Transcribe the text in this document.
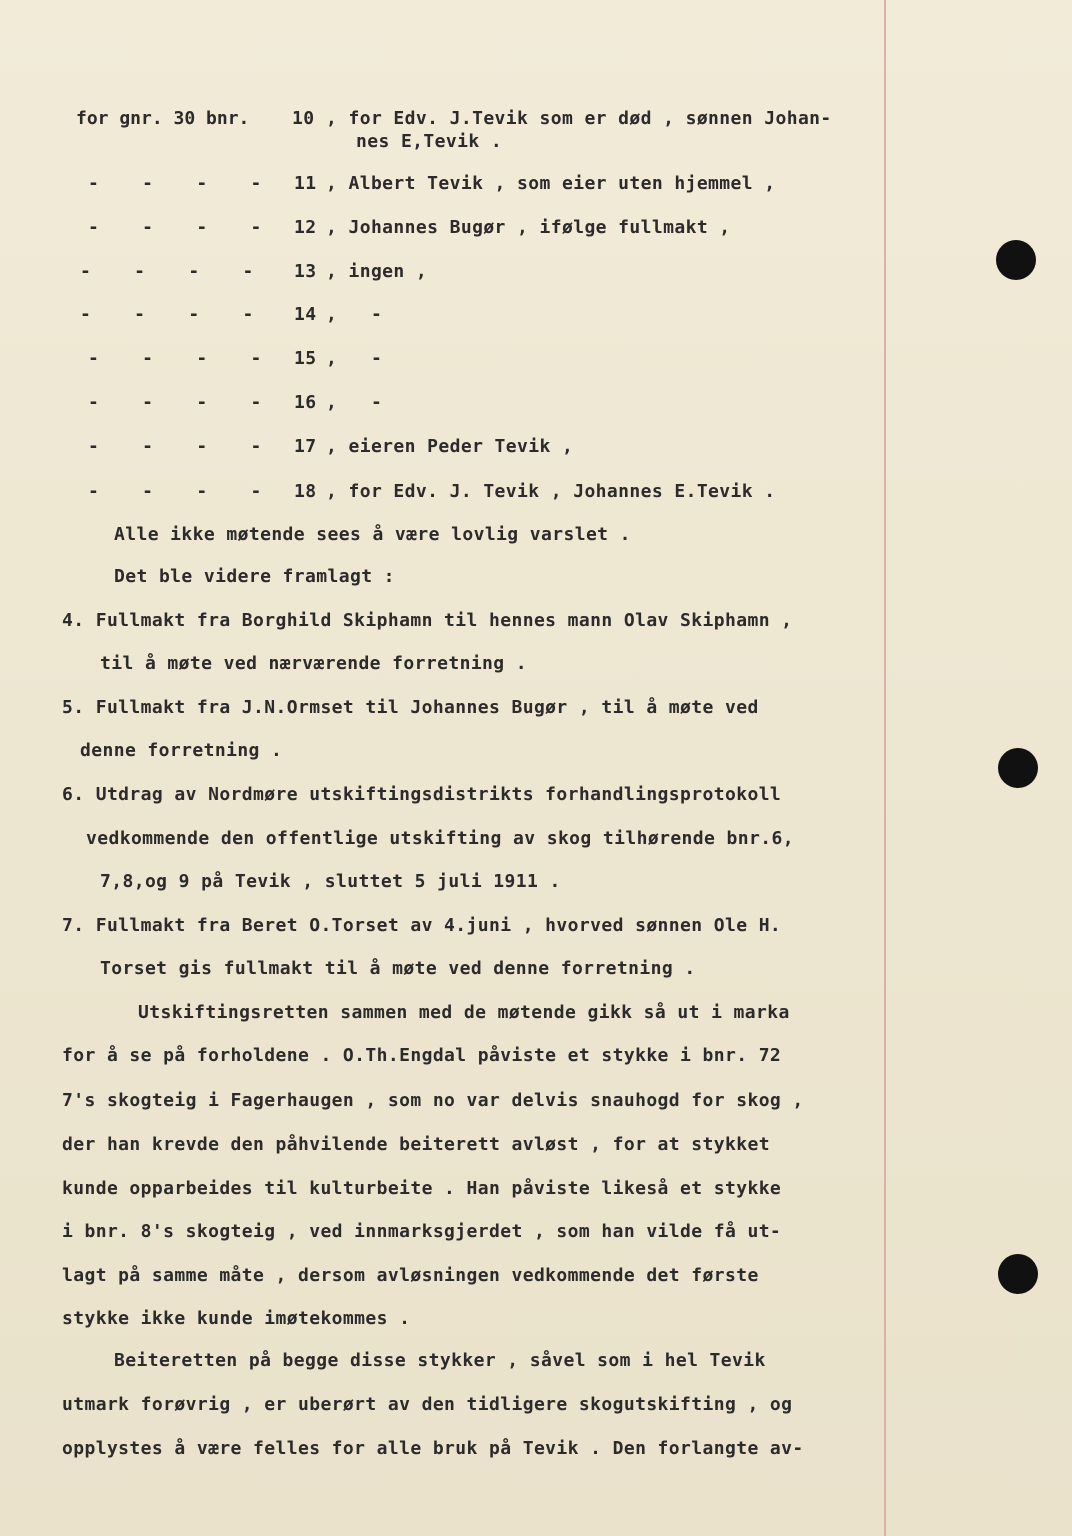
for gnr. 30 bnr. 10 , for Edv. J.Tevik som er død , sønnen Johan-
nes E,Tevik .
-    -    -    - 11 , Albert Tevik , som eier uten hjemmel ,
-    -    -    - 12 , Johannes Bugør , ifølge fullmakt ,
-    -    -    - 13 , ingen ,
-    -    -    - 14 ,   -
-    -    -    - 15 ,   -
-    -    -    - 16 ,   -
-    -    -    - 17 , eieren Peder Tevik ,
-    -    -    - 18 , for Edv. J. Tevik , Johannes E.Tevik .
Alle ikke møtende sees å være lovlig varslet .
Det ble videre framlagt :
4. Fullmakt fra Borghild Skiphamn til hennes mann Olav Skiphamn ,
til å møte ved nærværende forretning .
5. Fullmakt fra J.N.Ormset til Johannes Bugør , til å møte ved
denne forretning .
6. Utdrag av Nordmøre utskiftingsdistrikts forhandlingsprotokoll
vedkommende den offentlige utskifting av skog tilhørende bnr.6,
7,8,og 9 på Tevik , sluttet 5 juli 1911 .
7. Fullmakt fra Beret O.Torset av 4.juni , hvorved sønnen Ole H.
Torset gis fullmakt til å møte ved denne forretning .
Utskiftingsretten sammen med de møtende gikk så ut i marka
for å se på forholdene . O.Th.Engdal påviste et stykke i bnr. 72
7's skogteig i Fagerhaugen , som no var delvis snauhogd for skog ,
der han krevde den påhvilende beiterett avløst , for at stykket
kunde opparbeides til kulturbeite . Han påviste likeså et stykke
i bnr. 8's skogteig , ved innmarksgjerdet , som han vilde få ut-
lagt på samme måte , dersom avløsningen vedkommende det første
stykke ikke kunde imøtekommes .
Beiteretten på begge disse stykker , såvel som i hel Tevik
utmark forøvrig , er uberørt av den tidligere skogutskifting , og
opplystes å være felles for alle bruk på Tevik . Den forlangte av-
